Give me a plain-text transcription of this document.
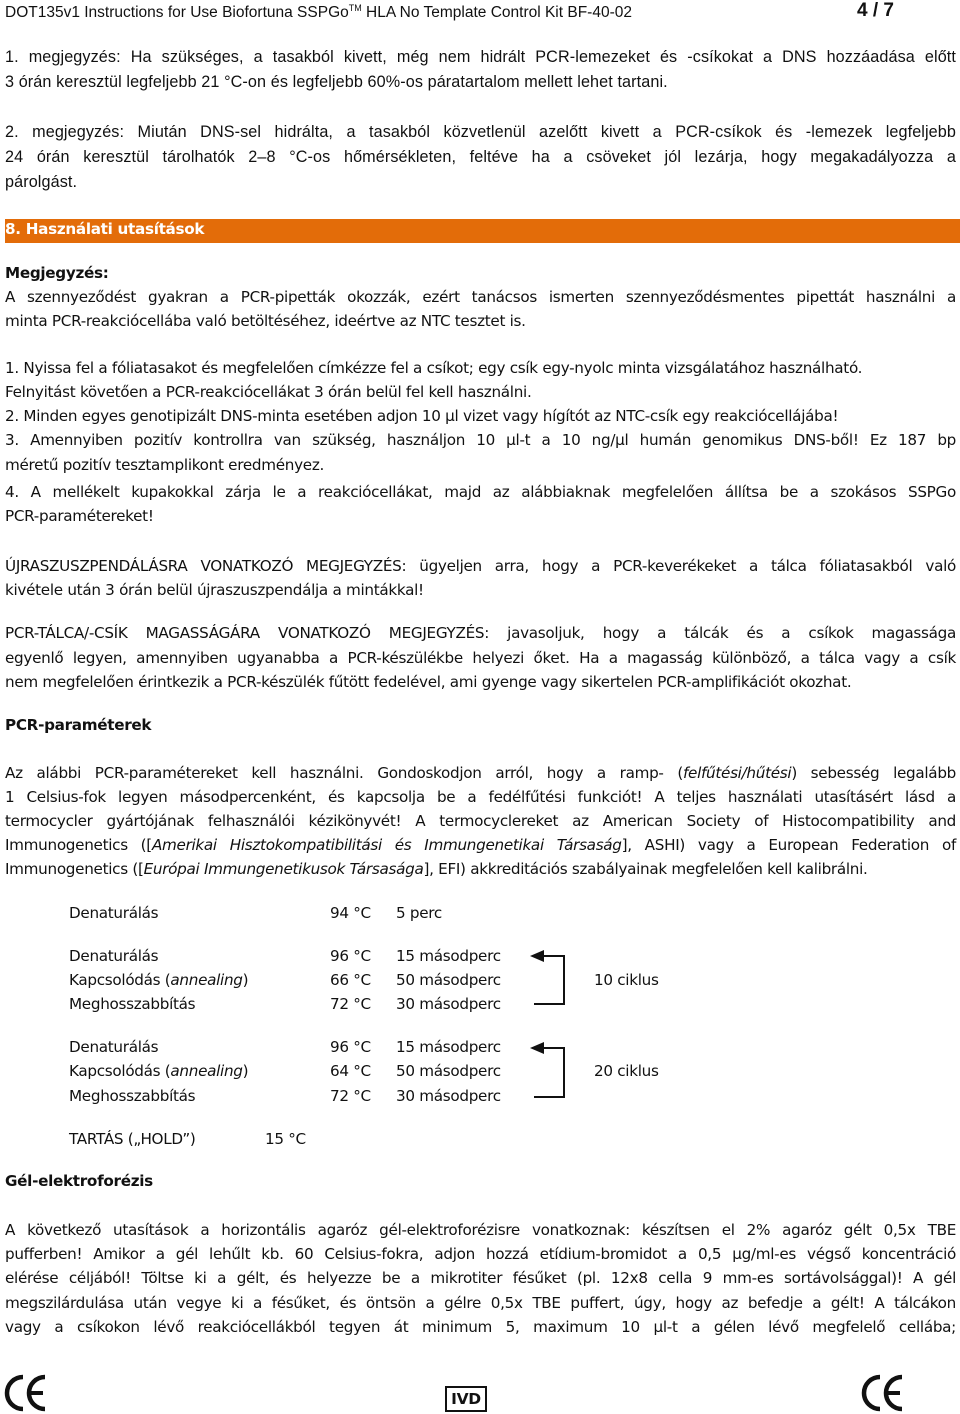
DOT135v1 Instructions for Use Biofortuna SSPGo™ HLA No Template Control Kit BF-40-02	4 / 7
1. megjegyzés: Ha szükséges, a tasakból kivett, még nem hidrált PCR-lemezeket és -csíkokat a DNS hozzáadása előtt
3 órán keresztül legfeljebb 21 °C-on és legfeljebb 60%-os páratartalom mellett lehet tartani.
2. megjegyzés: Miután DNS-sel hidrálta, a tasakból közvetlenül azelőtt kivett a PCR-csíkok és -lemezek legfeljebb
24 órán keresztül tárolhatók 2–8 °C-os hőmérsékleten, feltéve ha a csöveket jól lezárja, hogy megakadályozza a
párolgást.
8. Használati utasítások
Megjegyzés:
A szennyeződést gyakran a PCR-pipetták okozzák, ezért tanácsos ismerten szennyeződésmentes pipettát használni a
minta PCR-reakciócellába való betöltéséhez, ideértve az NTC tesztet is.
1. Nyissa fel a fóliatasakot és megfelelően címkézze fel a csíkot; egy csík egy-nyolc minta vizsgálatához használható.
Felnyitást követően a PCR-reakciócellákat 3 órán belül fel kell használni.
2. Minden egyes genotipizált DNS-minta esetében adjon 10 µl vizet vagy hígítót az NTC-csík egy reakciócellájába!
3. Amennyiben pozitív kontrollra van szükség, használjon 10 µl-t a 10 ng/µl humán genomikus DNS-ből! Ez 187 bp
méretű pozitív tesztamplikont eredményez.
4. A mellékelt kupakokkal zárja le a reakciócellákat, majd az alábbiaknak megfelelően állítsa be a szokásos SSPGo
PCR-paramétereket!
ÚJRASZUSZPENDÁLÁSRA VONATKOZÓ MEGJEGYZÉS: ügyeljen arra, hogy a PCR-keverékeket a tálca fóliatasakból való
kivétele után 3 órán belül újraszuszpendálja a mintákkal!
PCR-TÁLCA/-CSÍK MAGASSÁGÁRA VONATKOZÓ MEGJEGYZÉS: javasoljuk, hogy a tálcák és a csíkok magassága
egyenlő legyen, amennyiben ugyanabba a PCR-készülékbe helyezi őket. Ha a magasság különböző, a tálca vagy a csík
nem megfelelően érintkezik a PCR-készülék fűtött fedelével, ami gyenge vagy sikertelen PCR-amplifikációt okozhat.
PCR-paraméterek
Az alábbi PCR-paramétereket kell használni. Gondoskodjon arról, hogy a ramp- (felfűtési/hűtési) sebesség legalább
1 Celsius-fok legyen másodpercenként, és kapcsolja be a fedélfűtési funkciót! A teljes használati utasításért lásd a
termocycler gyártójának felhasználói kézikönyvét! A termocyclereket az American Society of Histocompatibility and
Immunogenetics ([Amerikai Hisztokompatibilitási és Immungenetikai Társaság], ASHI) vagy a European Federation of
Immunogenetics ([Európai Immungenetikusok Társasága], EFI) akkreditációs szabályainak megfelelően kell kalibrálni.
Denaturálás	94 °C 5 perc
Denaturálás	96 °C 15 másodperc
Kapcsolódás (annealing)	66 °C 50 másodperc
Meghosszabbítás	72 °C 30 másodperc
10 ciklus
Denaturálás	96 °C 15 másodperc
Kapcsolódás (annealing)	64 °C 50 másodperc
Meghosszabbítás	72 °C 30 másodperc
20 ciklus
TARTÁS („HOLD”)	15 °C
Gél-elektroforézis
A következő utasítások a horizontális agaróz gél-elektroforézisre vonatkoznak: készítsen el 2% agaróz gélt 0,5x TBE
pufferben! Amikor a gél lehűlt kb. 60 Celsius-fokra, adjon hozzá etídium-bromidot a 0,5 µg/ml-es végső koncentráció
elérése céljából! Töltse ki a gélt, és helyezze be a mikrotiter fésűket (pl. 12x8 cella 9 mm-es sortávolsággal)! A gél
megszilárdulása után vegye ki a fésűket, és öntsön a gélre 0,5x TBE puffert, úgy, hogy az befedje a gélt! A tálcákon
vagy a csíkokon lévő reakciócellákból tegyen át minimum 5, maximum 10 µl-t a gélen lévő megfelelő cellába;
IVD
